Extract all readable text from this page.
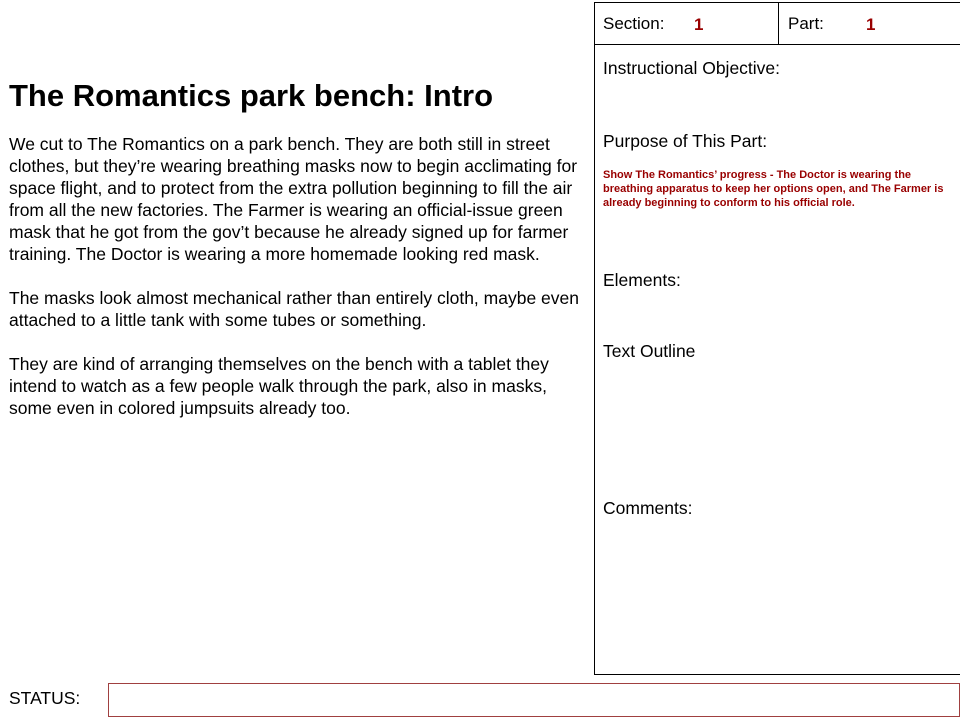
The Romantics park bench: Intro

We cut to The Romantics on a park bench. They are both still in street clothes, but they’re wearing breathing masks now to begin acclimating for space flight, and to protect from the extra pollution beginning to fill the air from all the new factories. The Farmer is wearing an official-issue green mask that he got from the gov’t because he already signed up for farmer training. The Doctor is wearing a more homemade looking red mask.

The masks look almost mechanical rather than entirely cloth, maybe even attached to a little tank with some tubes or something.

They are kind of arranging themselves on the bench with a tablet they intend to watch as a few people walk through the park, also in masks, some even in colored jumpsuits already too.

Section: 1	Part: 1
Instructional Objective:
Purpose of This Part:
Show The Romantics’ progress - The Doctor is wearing the breathing apparatus to keep her options open, and The Farmer is already beginning to conform to his official role.
Elements:
Text Outline
Comments:
STATUS:
